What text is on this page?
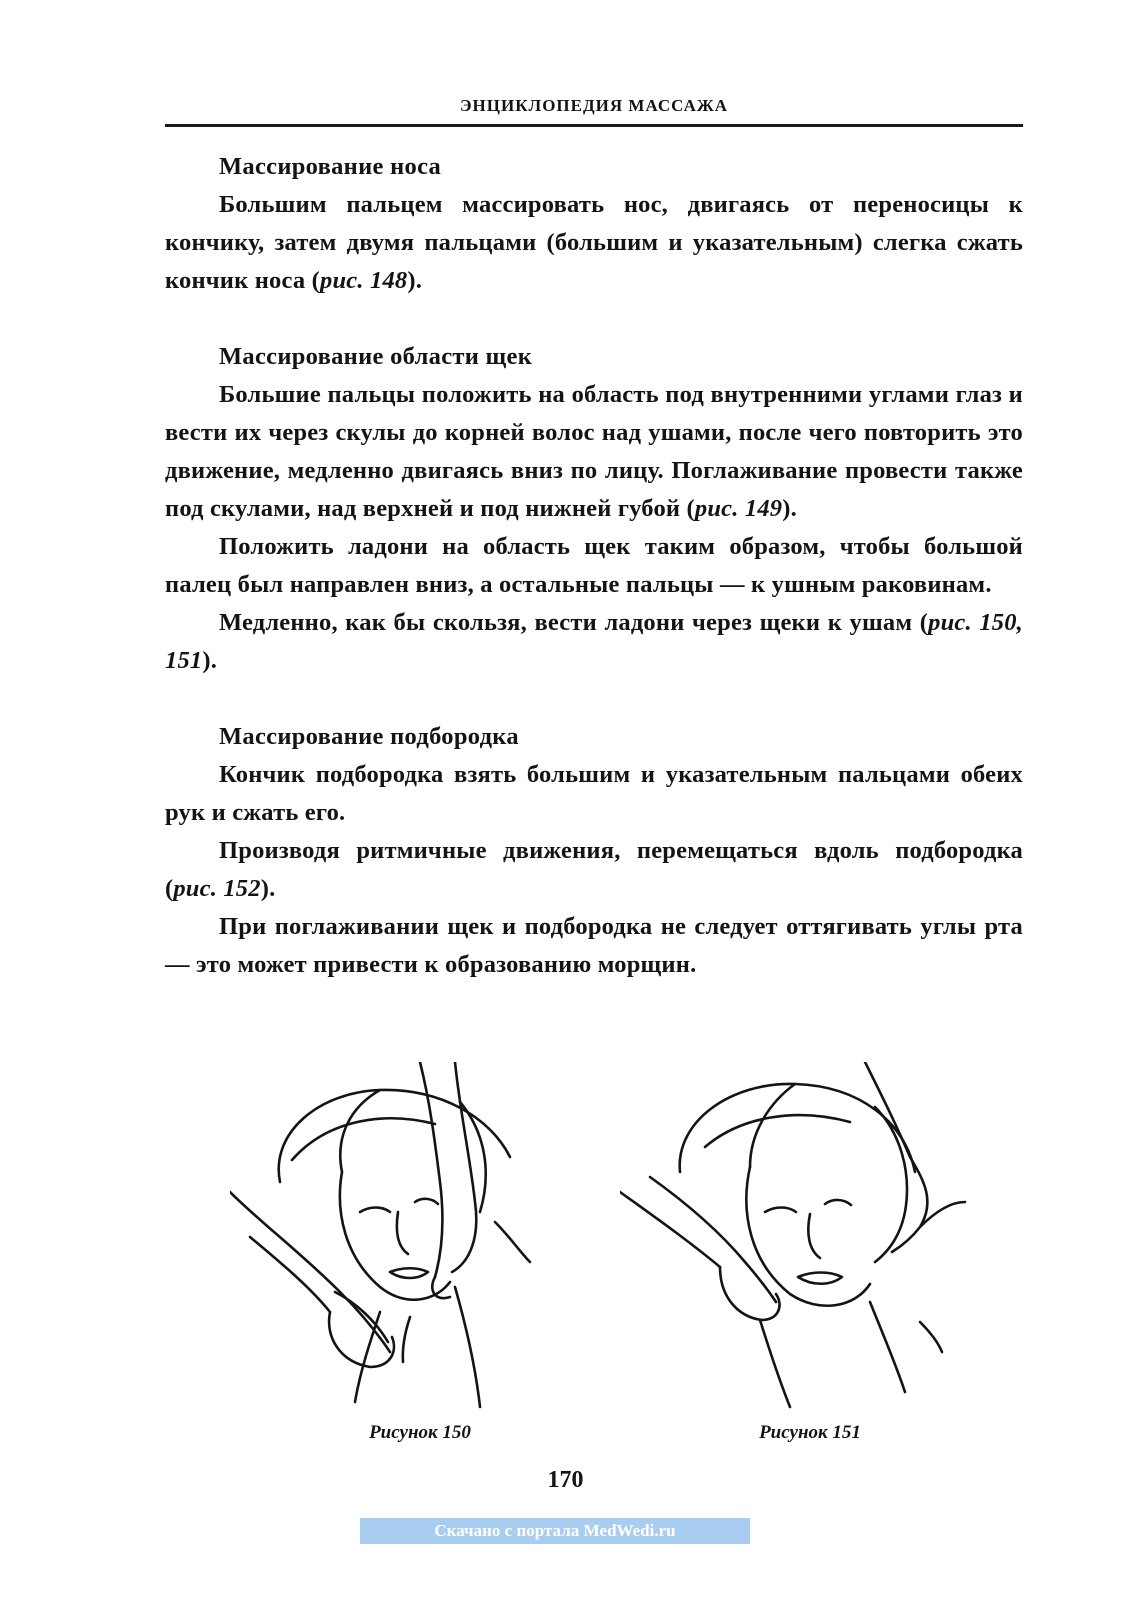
ЭНЦИКЛОПЕДИЯ МАССАЖА
Массирование носа

Большим пальцем массировать нос, двигаясь от переносицы к кончику, затем двумя пальцами (большим и указательным) слегка сжать кончик носа (рис. 148).

Массирование области щек

Большие пальцы положить на область под внутренними углами глаз и вести их через скулы до корней волос над ушами, после чего повторить это движение, медленно двигаясь вниз по лицу. Поглаживание провести также под скулами, над верхней и под нижней губой (рис. 149).

Положить ладони на область щек таким образом, чтобы большой палец был направлен вниз, а остальные пальцы — к ушным раковинам.

Медленно, как бы скользя, вести ладони через щеки к ушам (рис. 150, 151).

Массирование подбородка

Кончик подбородка взять большим и указательным пальцами обеих рук и сжать его.

Производя ритмичные движения, перемещаться вдоль подбородка (рис. 152).

При поглаживании щек и подбородка не следует оттягивать углы рта — это может привести к образованию морщин.

Рисунок 150	Рисунок 151
170
Скачано с портала MedWedi.ru
